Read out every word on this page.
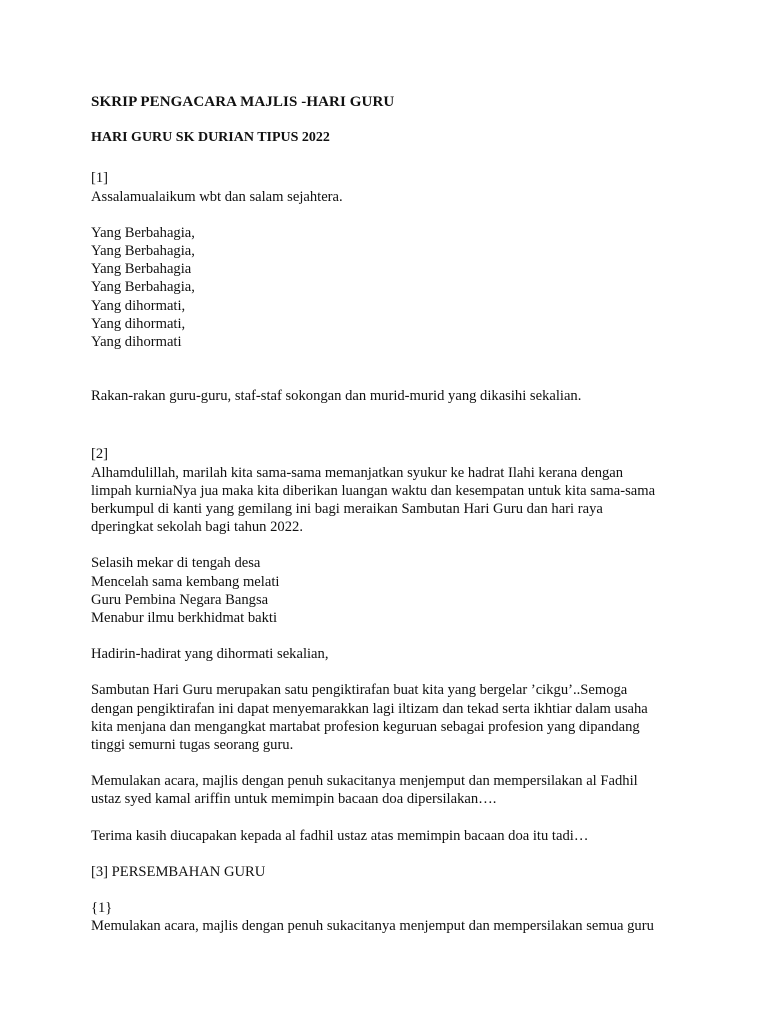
SKRIP PENGACARA MAJLIS -HARI GURU

HARI GURU SK DURIAN TIPUS 2022

[1]

Assalamualaikum wbt dan salam sejahtera.

Yang Berbahagia,

Yang Berbahagia,

Yang Berbahagia

Yang Berbahagia,

Yang dihormati,

Yang dihormati,

Yang dihormati

Rakan-rakan guru-guru, staf-staf sokongan dan murid-murid yang dikasihi sekalian.

[2]

Alhamdulillah, marilah kita sama-sama memanjatkan syukur ke hadrat Ilahi kerana dengan

limpah kurniaNya jua maka kita diberikan luangan waktu dan kesempatan untuk kita sama-sama

berkumpul di kanti yang gemilang ini bagi meraikan Sambutan Hari Guru dan hari raya

dperingkat sekolah bagi tahun 2022.

Selasih mekar di tengah desa

Mencelah sama kembang melati

Guru Pembina Negara Bangsa

Menabur ilmu berkhidmat bakti

Hadirin-hadirat yang dihormati sekalian,

Sambutan Hari Guru merupakan satu pengiktirafan buat kita yang bergelar ’cikgu’..Semoga

dengan pengiktirafan ini dapat menyemarakkan lagi iltizam dan tekad serta ikhtiar dalam usaha

kita menjana dan mengangkat martabat profesion keguruan sebagai profesion yang dipandang

tinggi semurni tugas seorang guru.

Memulakan acara, majlis dengan penuh sukacitanya menjemput dan mempersilakan al Fadhil

ustaz syed kamal ariffin untuk memimpin bacaan doa dipersilakan….

Terima kasih diucapakan kepada al fadhil ustaz atas memimpin bacaan doa itu tadi…

[3] PERSEMBAHAN GURU

{1}

Memulakan acara, majlis dengan penuh sukacitanya menjemput dan mempersilakan semua guru
